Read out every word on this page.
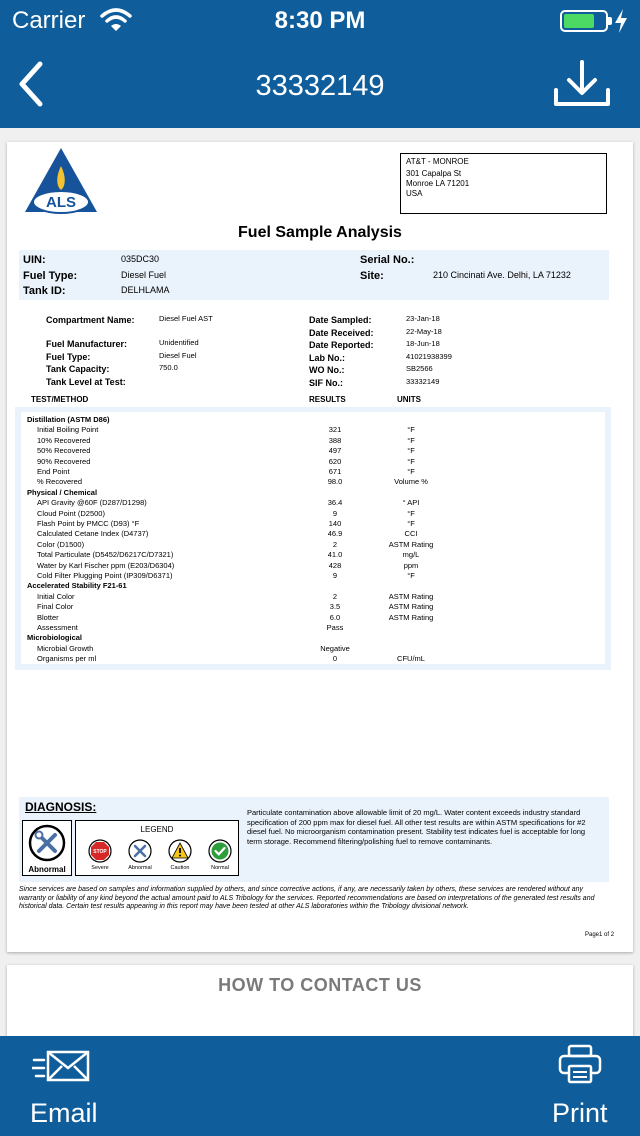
Carrier	8:30 PM
33332149
ALS
AT&T - MONROE
301 Capalpa St
Monroe LA 71201
USA
Fuel Sample Analysis
UIN:	035DC30
Fuel Type:	Diesel Fuel
Tank ID:	DELHLAMA
Serial No.:
Site:	210 Cincinati Ave. Delhi, LA 71232
Compartment Name:	Diesel Fuel AST
Fuel Manufacturer:	Unidentified
Fuel Type:	Diesel Fuel
Tank Capacity:	750.0
Tank Level at Test:
Date Sampled:	23-Jan-18
Date Received:	22-May-18
Date Reported:	18-Jun-18
Lab No.:	41021938399
WO No.:	SB2566
SIF No.:	33332149
TEST/METHOD	RESULTS	UNITS
Distillation (ASTM D86)
Initial Boiling Point	321	°F
10% Recovered	388	°F
50% Recovered	497	°F
90% Recovered	620	°F
End Point	671	°F
% Recovered	98.0	Volume %
Physical / Chemical
API Gravity @60F (D287/D1298)	36.4	° API
Cloud Point (D2500)	9	°F
Flash Point by PMCC (D93) °F	140	°F
Calculated Cetane Index (D4737)	46.9	CCI
Color (D1500)	2	ASTM Rating
Total Particulate (D5452/D6217C/D7321)	41.0	mg/L
Water by Karl Fischer ppm (E203/D6304)	428	ppm
Cold Filter Plugging Point (IP309/D6371)	9	°F
Accelerated Stability F21-61
Initial Color	2	ASTM Rating
Final Color	3.5	ASTM Rating
Blotter	6.0	ASTM Rating
Assessment	Pass
Microbiological
Microbial Growth	Negative
Organisms per ml	0	CFU/mL
DIAGNOSIS:
Abnormal
LEGEND
STOP
Severe	Abnormal	Caution	Normal
Particulate contamination above allowable limit of 20 mg/L. Water content exceeds industry standard specification of 200 ppm max for diesel fuel. All other test results are within ASTM specifications for #2 diesel fuel. No microorganism contamination present. Stability test indicates fuel is acceptable for long term storage. Recommend filtering/polishing fuel to remove contaminants.
Since services are based on samples and information supplied by others, and since corrective actions, if any, are necessarily taken by others, these services are rendered without any warranty or liability of any kind beyond the actual amount paid to ALS Tribology for the services. Reported recommendations are based on interpretations of the generated test results and historical data. Certain test results appearing in this report may have been tested at other ALS laboratories within the Tribology divisional network.
Page1 of 2
HOW TO CONTACT US
Email	Print
